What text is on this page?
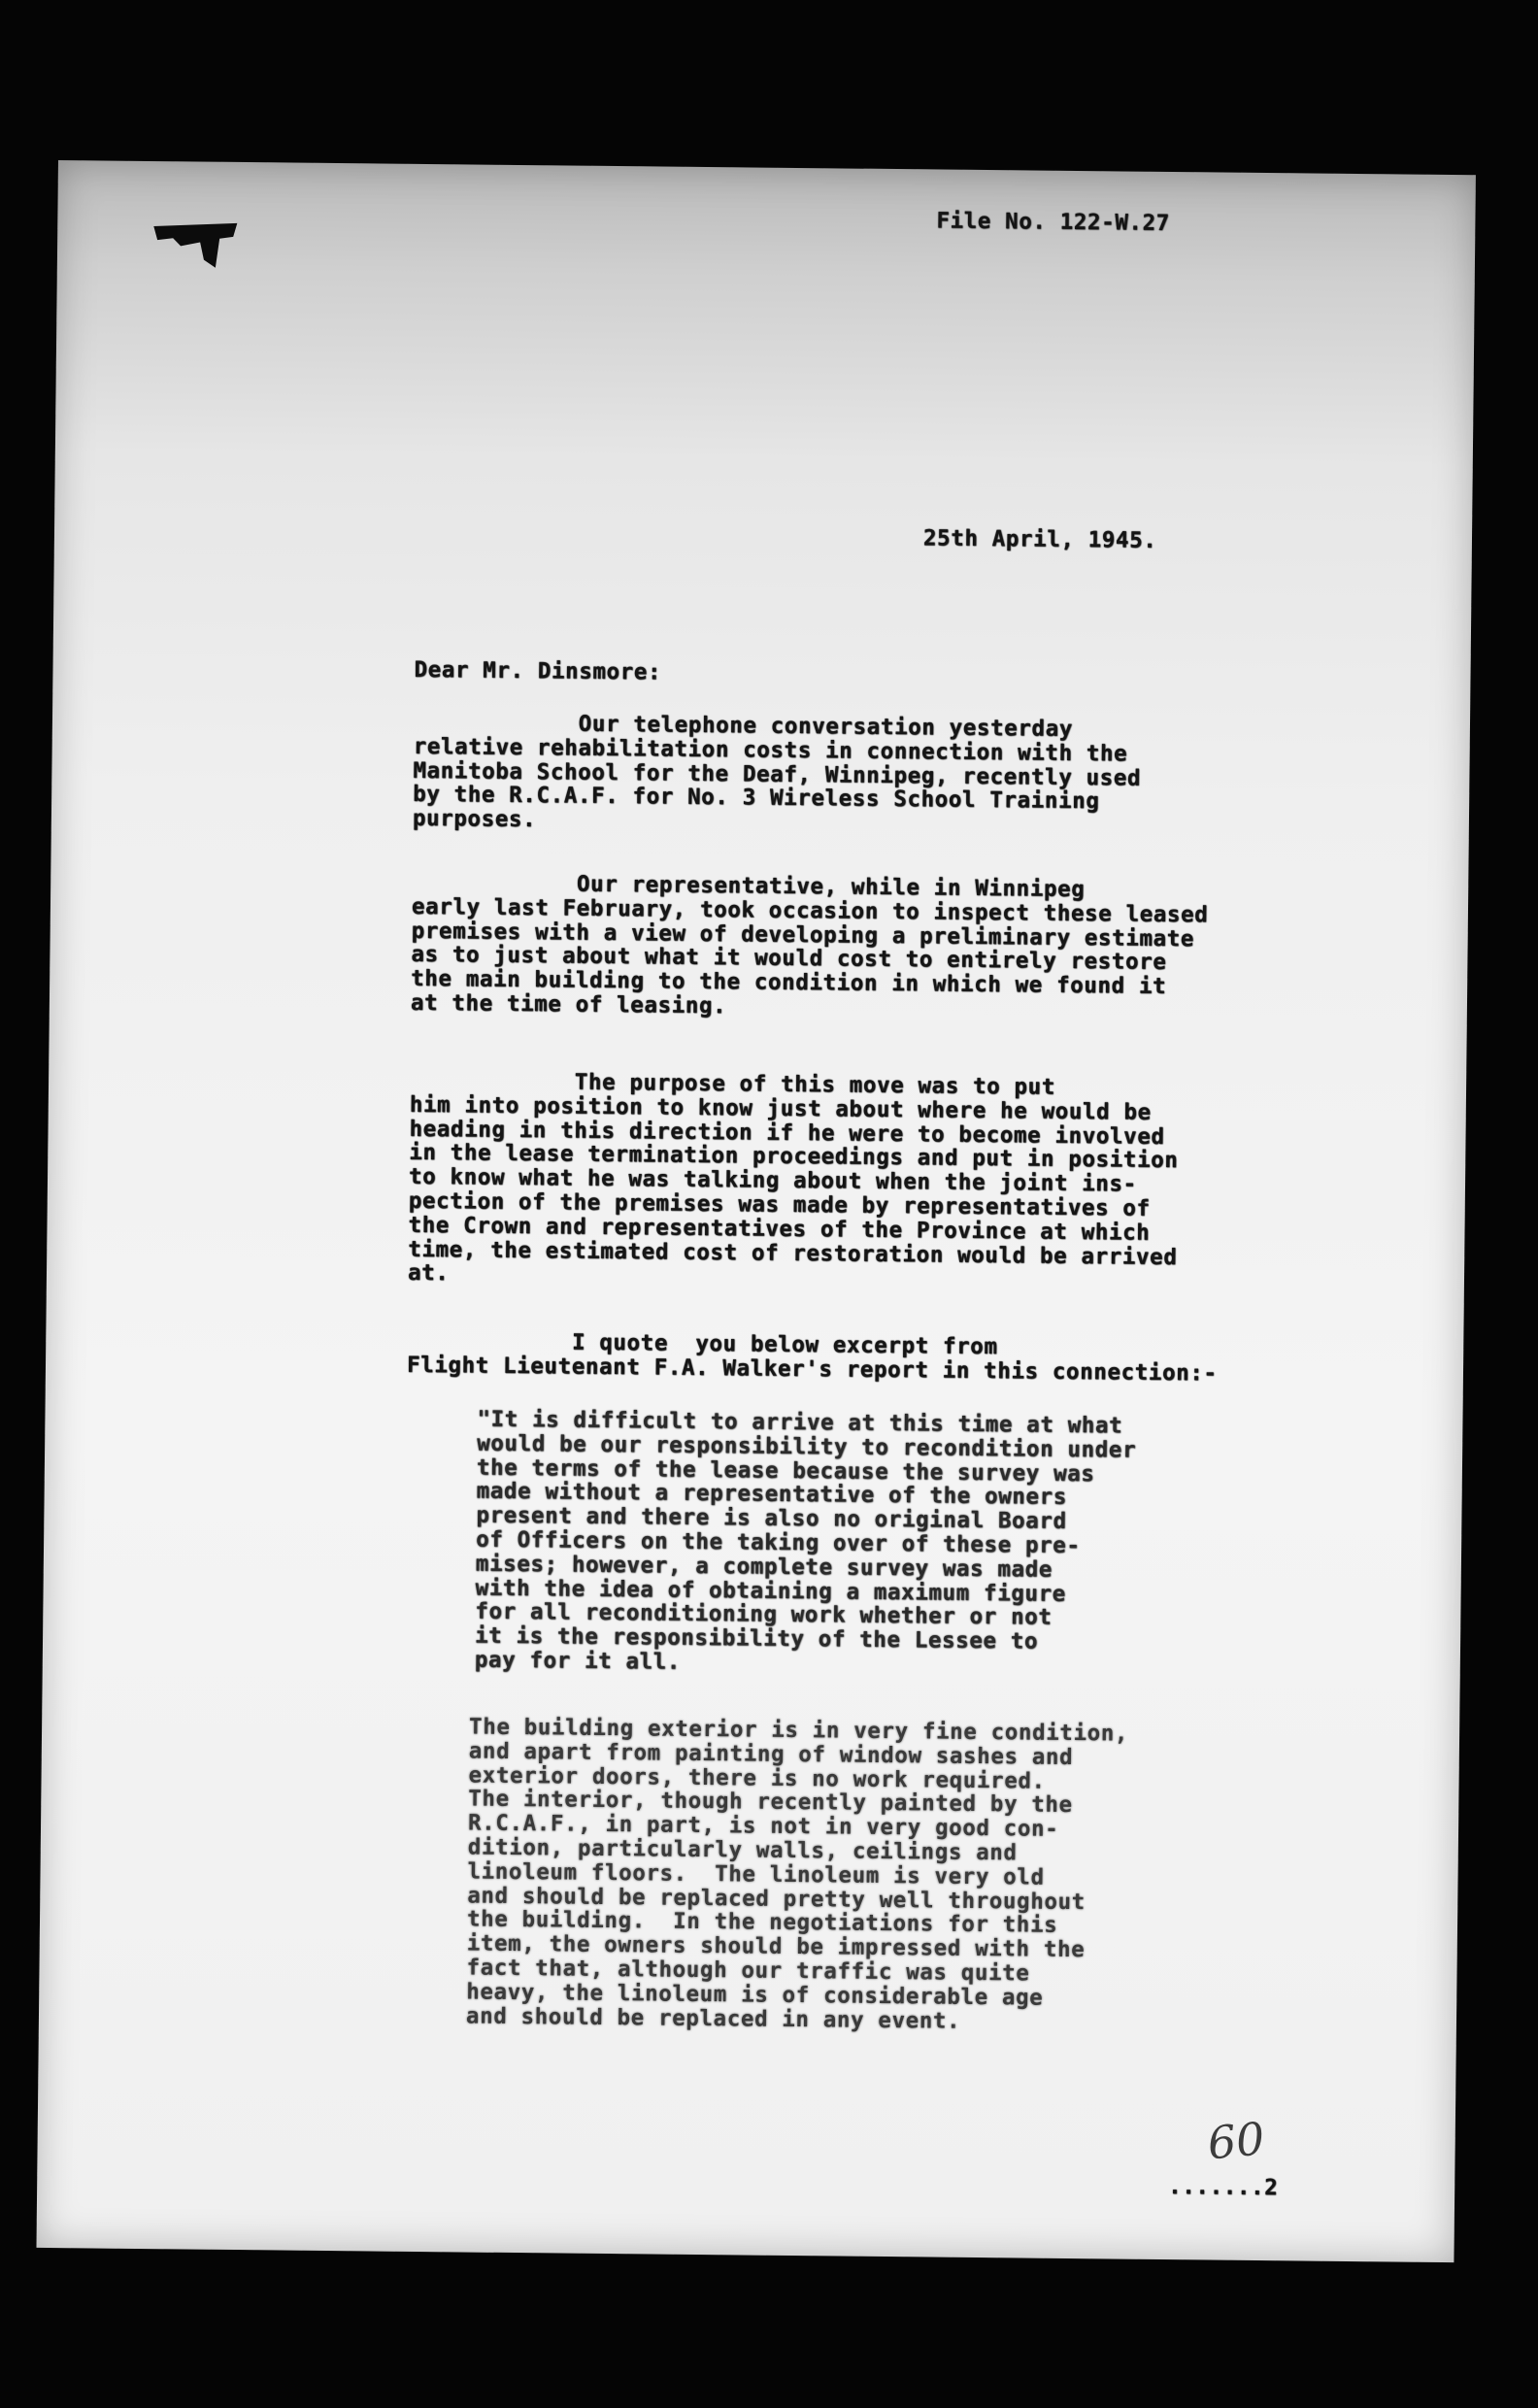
File No. 122-W.27
25th April, 1945.
Dear Mr. Dinsmore:
Our telephone conversation yesterday
relative rehabilitation costs in connection with the
Manitoba School for the Deaf, Winnipeg, recently used
by the R.C.A.F. for No. 3 Wireless School Training
purposes.
Our representative, while in Winnipeg
early last February, took occasion to inspect these leased
premises with a view of developing a preliminary estimate
as to just about what it would cost to entirely restore
the main building to the condition in which we found it
at the time of leasing.
The purpose of this move was to put
him into position to know just about where he would be
heading in this direction if he were to become involved
in the lease termination proceedings and put in position
to know what he was talking about when the joint ins-
pection of the premises was made by representatives of
the Crown and representatives of the Province at which
time, the estimated cost of restoration would be arrived
at.
I quote  you below excerpt from
Flight Lieutenant F.A. Walker's report in this connection:-
"It is difficult to arrive at this time at what
would be our responsibility to recondition under
the terms of the lease because the survey was
made without a representative of the owners
present and there is also no original Board
of Officers on the taking over of these pre-
mises; however, a complete survey was made
with the idea of obtaining a maximum figure
for all reconditioning work whether or not
it is the responsibility of the Lessee to
pay for it all.
The building exterior is in very fine condition,
and apart from painting of window sashes and
exterior doors, there is no work required.
The interior, though recently painted by the
R.C.A.F., in part, is not in very good con-
dition, particularly walls, ceilings and
linoleum floors.  The linoleum is very old
and should be replaced pretty well throughout
the building.  In the negotiations for this
item, the owners should be impressed with the
fact that, although our traffic was quite
heavy, the linoleum is of considerable age
and should be replaced in any event.
60
.......2
